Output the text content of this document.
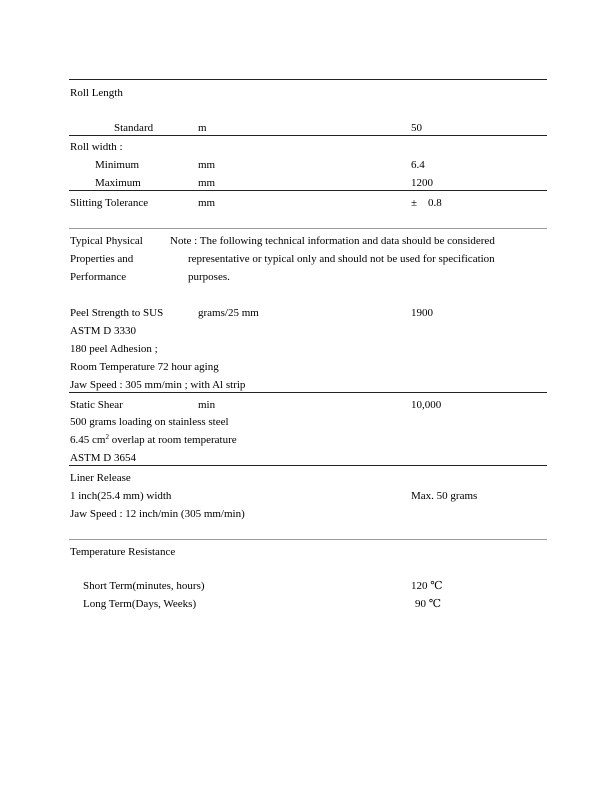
Roll Length
Standard	m	50
Roll width :
Minimum	mm	6.4
Maximum	mm	1200
Slitting Tolerance	mm	±　0.8
Typical Physical
Properties and
Performance
Note : The following technical information and data should be considered
representative or typical only and should not be used for specification
purposes.
Peel Strength to SUS	grams/25 mm	1900
ASTM D 3330
180 peel Adhesion ;
Room Temperature 72 hour aging
Jaw Speed : 305 mm/min ; with Al strip
Static Shear	min	10,000
500 grams loading on stainless steel
6.45 $cm^2$ overlap at room temperature
ASTM D 3654
Liner Release
1 inch(25.4 mm) width	Max. 50 grams
Jaw Speed : 12 inch/min (305 mm/min)
Temperature Resistance
Short Term(minutes, hours)	120 ℃
Long Term(Days, Weeks)	90 ℃
